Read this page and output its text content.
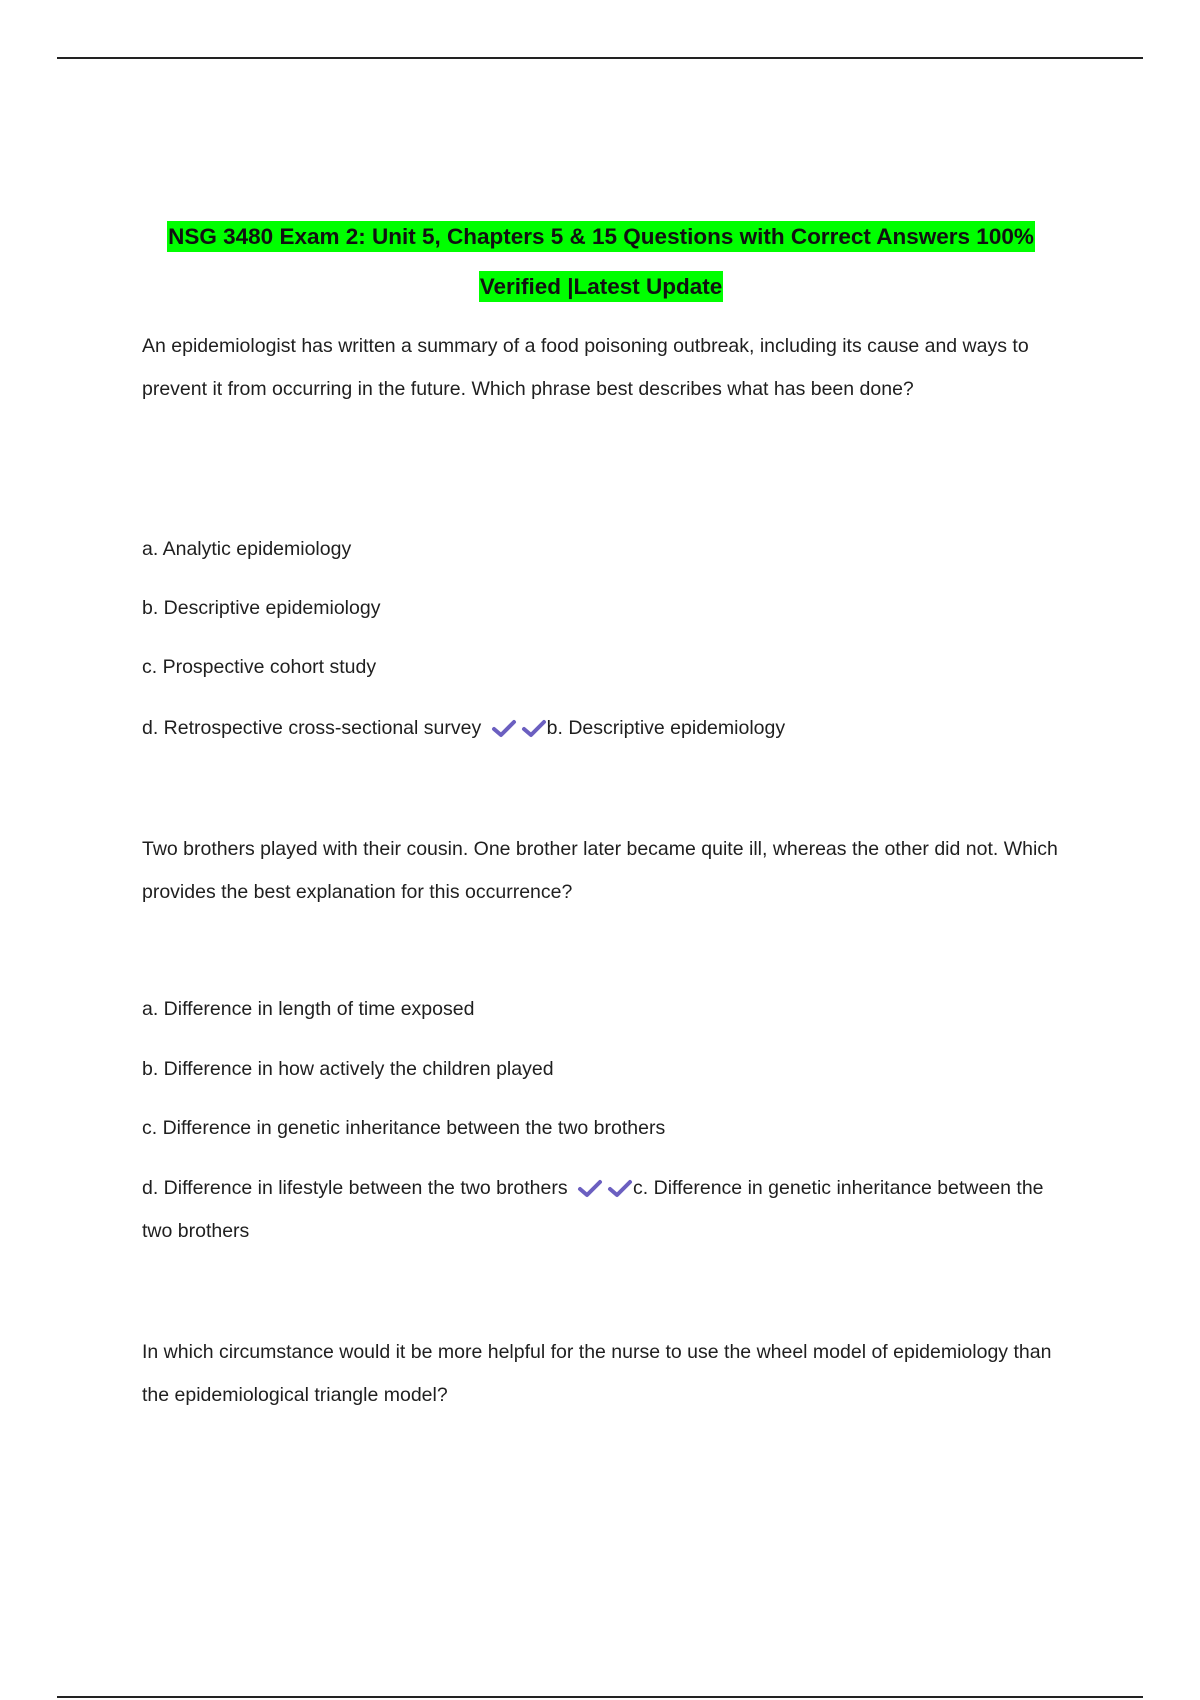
NSG 3480 Exam 2: Unit 5, Chapters 5 & 15 Questions with Correct Answers 100%
Verified |Latest Update

An epidemiologist has written a summary of a food poisoning outbreak, including its cause and ways to prevent it from occurring in the future. Which phrase best describes what has been done?

a. Analytic epidemiology

b. Descriptive epidemiology

c. Prospective cohort study

d. Retrospective cross-sectional survey	b. Descriptive epidemiology

Two brothers played with their cousin. One brother later became quite ill, whereas the other did not. Which provides the best explanation for this occurrence?

a. Difference in length of time exposed

b. Difference in how actively the children played

c. Difference in genetic inheritance between the two brothers

d. Difference in lifestyle between the two brothers	c. Difference in genetic inheritance between the two brothers

In which circumstance would it be more helpful for the nurse to use the wheel model of epidemiology than the epidemiological triangle model?
